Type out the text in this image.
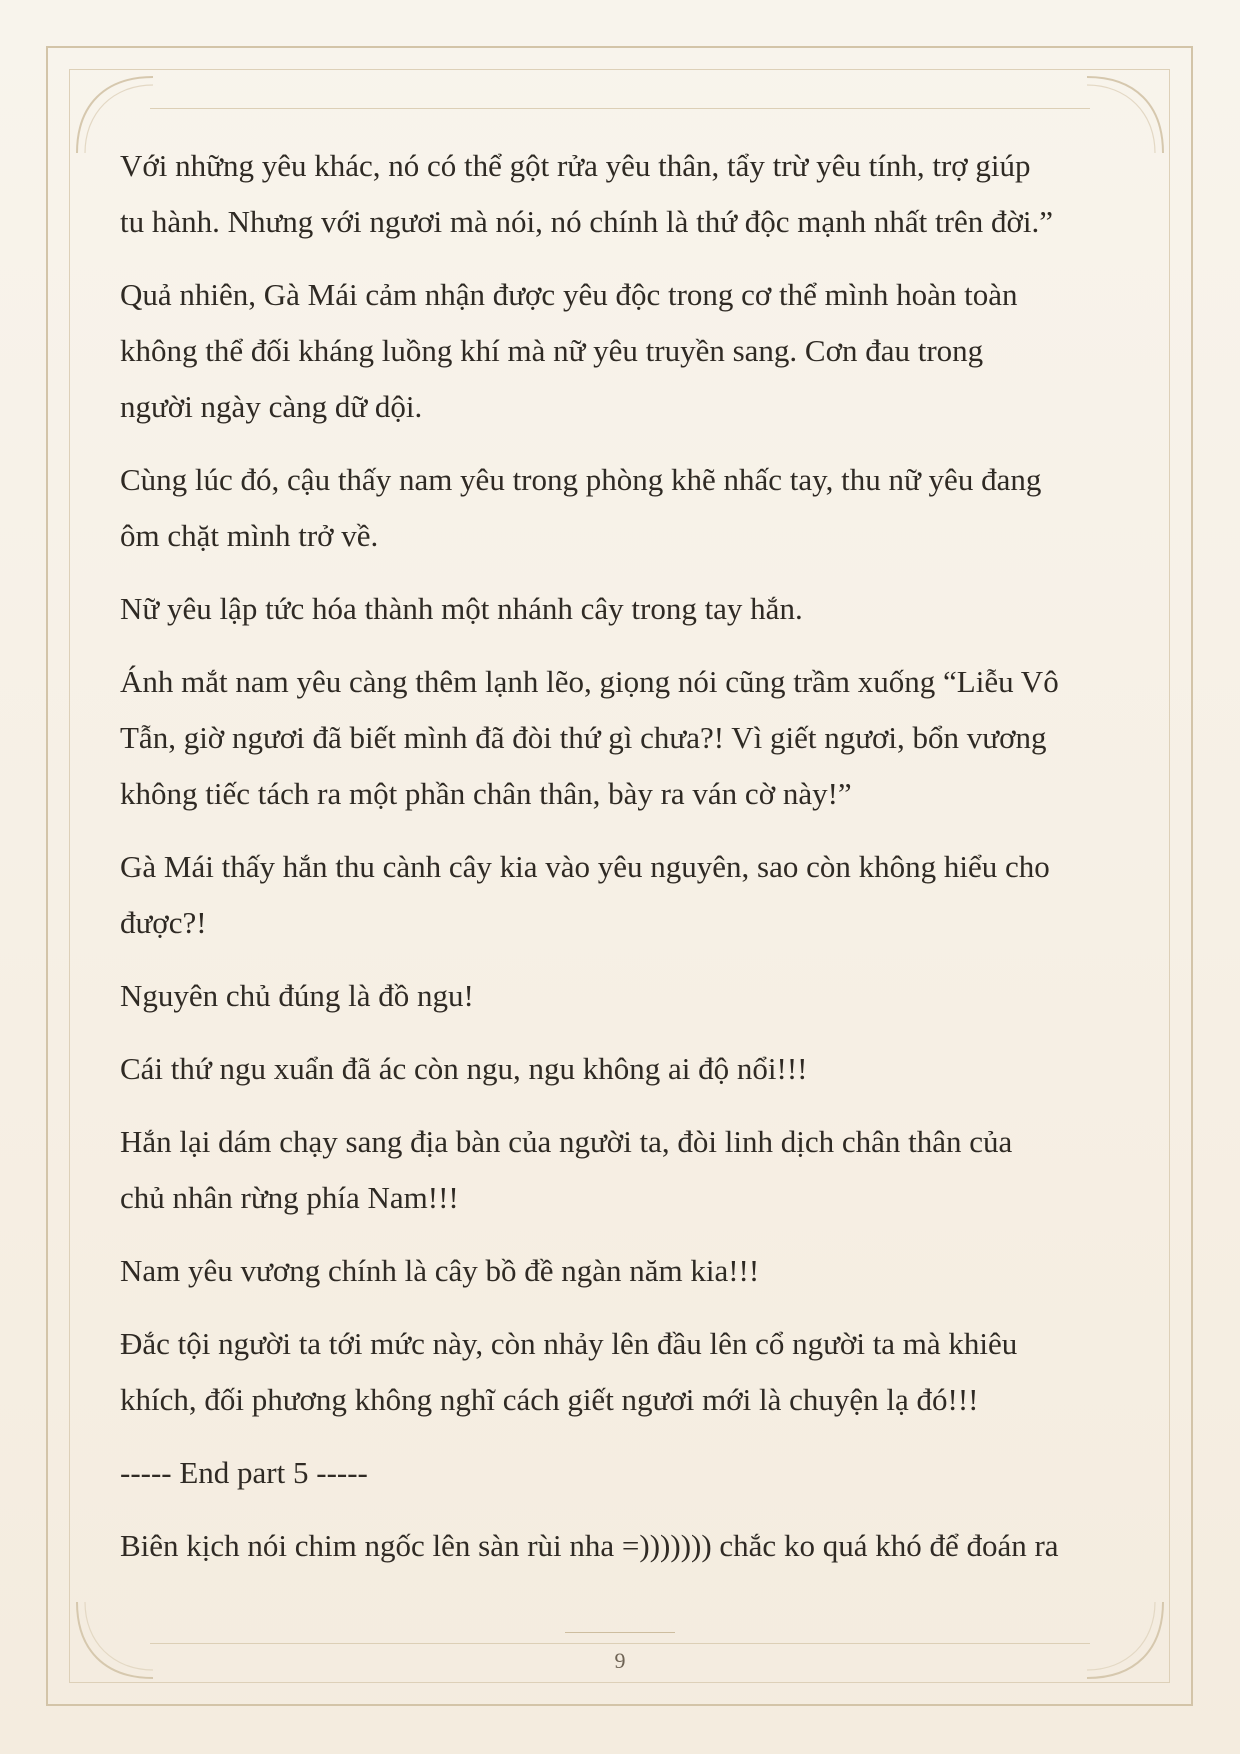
Với những yêu khác, nó có thể gột rửa yêu thân, tẩy trừ yêu tính, trợ giúp
tu hành. Nhưng với ngươi mà nói, nó chính là thứ độc mạnh nhất trên đời.”

Quả nhiên, Gà Mái cảm nhận được yêu độc trong cơ thể mình hoàn toàn
không thể đối kháng luồng khí mà nữ yêu truyền sang. Cơn đau trong
người ngày càng dữ dội.

Cùng lúc đó, cậu thấy nam yêu trong phòng khẽ nhấc tay, thu nữ yêu đang
ôm chặt mình trở về.

Nữ yêu lập tức hóa thành một nhánh cây trong tay hắn.

Ánh mắt nam yêu càng thêm lạnh lẽo, giọng nói cũng trầm xuống “Liễu Vô
Tẫn, giờ ngươi đã biết mình đã đòi thứ gì chưa?! Vì giết ngươi, bổn vương
không tiếc tách ra một phần chân thân, bày ra ván cờ này!”

Gà Mái thấy hắn thu cành cây kia vào yêu nguyên, sao còn không hiểu cho
được?!

Nguyên chủ đúng là đồ ngu!

Cái thứ ngu xuẩn đã ác còn ngu, ngu không ai độ nổi!!!

Hắn lại dám chạy sang địa bàn của người ta, đòi linh dịch chân thân của
chủ nhân rừng phía Nam!!!

Nam yêu vương chính là cây bồ đề ngàn năm kia!!!

Đắc tội người ta tới mức này, còn nhảy lên đầu lên cổ người ta mà khiêu
khích, đối phương không nghĩ cách giết ngươi mới là chuyện lạ đó!!!

----- End part 5 -----

Biên kịch nói chim ngốc lên sàn rùi nha =))))))) chắc ko quá khó để đoán ra

9
